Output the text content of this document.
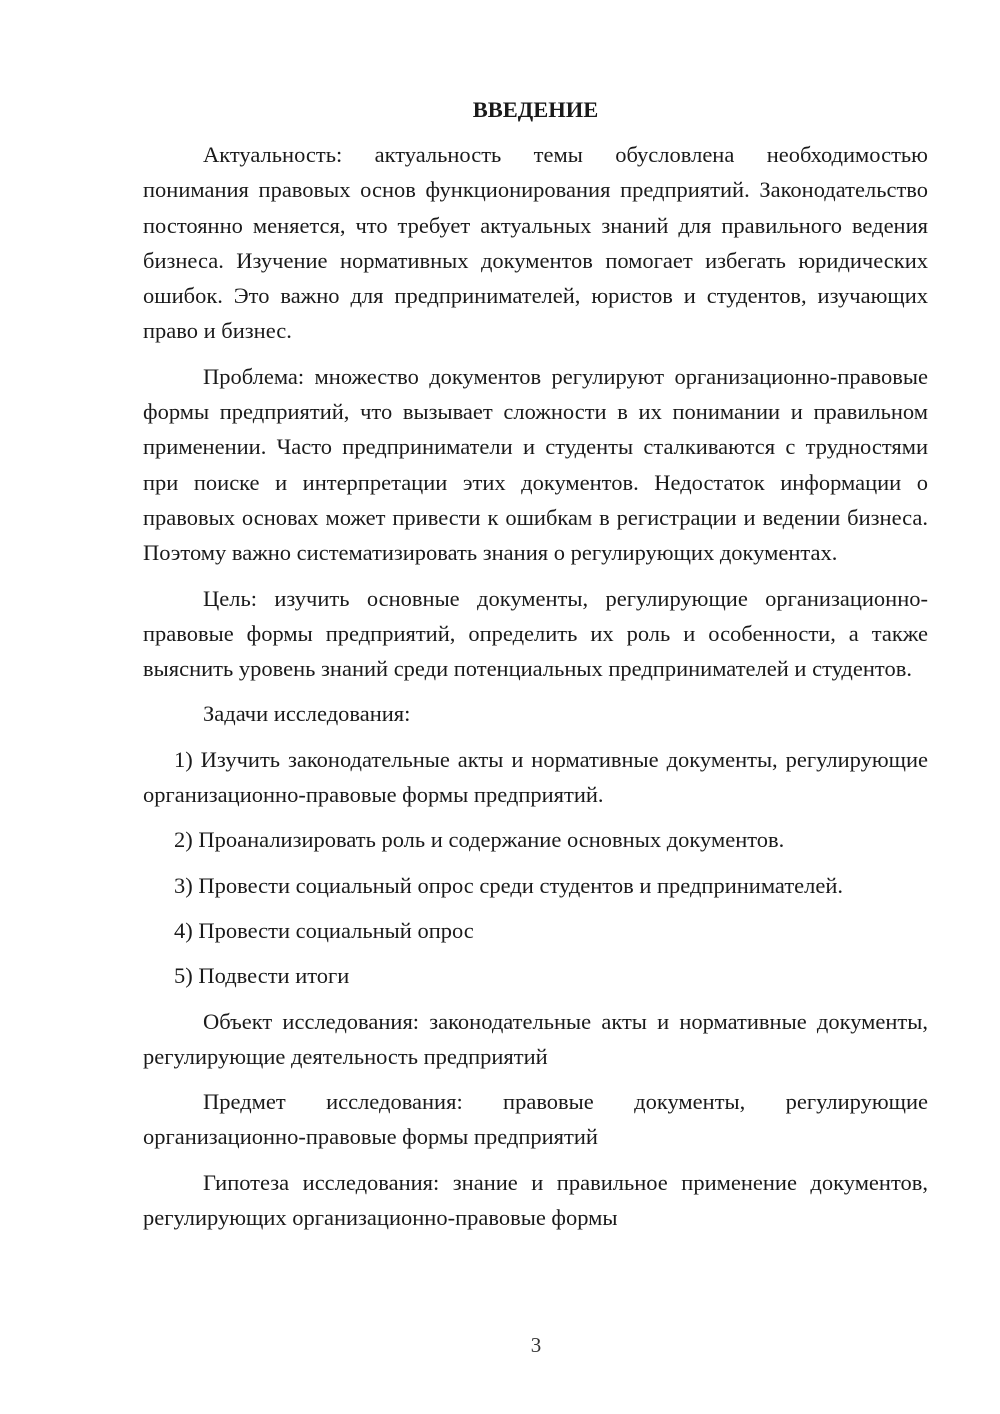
ВВЕДЕНИЕ

Актуальность: актуальность темы обусловлена необходимостью понимания правовых основ функционирования предприятий. Законодательство постоянно меняется, что требует актуальных знаний для правильного ведения бизнеса. Изучение нормативных документов помогает избегать юридических ошибок. Это важно для предпринимателей, юристов и студентов, изучающих право и бизнес.

Проблема: множество документов регулируют организационно-правовые формы предприятий, что вызывает сложности в их понимании и правильном применении. Часто предприниматели и студенты сталкиваются с трудностями при поиске и интерпретации этих документов. Недостаток информации о правовых основах может привести к ошибкам в регистрации и ведении бизнеса. Поэтому важно систематизировать знания о регулирующих документах.

Цель: изучить основные документы, регулирующие организационно-правовые формы предприятий, определить их роль и особенности, а также выяснить уровень знаний среди потенциальных предпринимателей и студентов.

Задачи исследования:

1) Изучить законодательные акты и нормативные документы, регулирующие организационно-правовые формы предприятий.

2) Проанализировать роль и содержание основных документов.

3) Провести социальный опрос среди студентов и предпринимателей.

4) Провести социальный опрос

5) Подвести итоги

Объект исследования: законодательные акты и нормативные документы, регулирующие деятельность предприятий

Предмет исследования: правовые документы, регулирующие организационно-правовые формы предприятий

Гипотеза исследования: знание и правильное применение документов, регулирующих организационно-правовые формы

3
